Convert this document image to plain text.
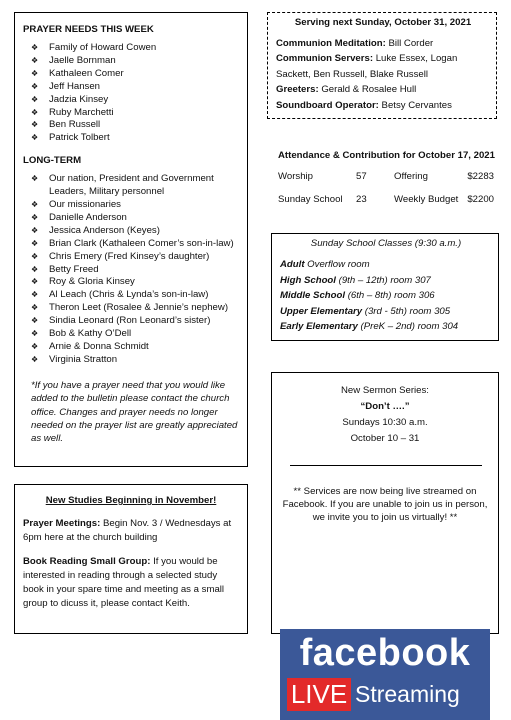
PRAYER NEEDS THIS WEEK
❖ Family of Howard Cowen
❖ Jaelle Bornman
❖ Kathaleen Comer
❖ Jeff Hansen
❖ Jadzia Kinsey
❖ Ruby Marchetti
❖ Ben Russell
❖ Patrick Tolbert
LONG-TERM
❖ Our nation, President and Government Leaders, Military personnel
❖ Our missionaries
❖ Danielle Anderson
❖ Jessica Anderson (Keyes)
❖ Brian Clark (Kathaleen Comer’s son-in-law)
❖ Chris Emery (Fred Kinsey’s daughter)
❖ Betty Freed
❖ Roy & Gloria Kinsey
❖ Al Leach (Chris & Lynda’s son-in-law)
❖ Theron Leet (Rosalee & Jennie’s nephew)
❖ Sindia Leonard (Ron Leonard’s sister)
❖ Bob & Kathy O’Dell
❖ Arnie & Donna Schmidt
❖ Virginia Stratton
*If you have a prayer need that you would like added to the bulletin please contact the church office. Changes and prayer needs no longer needed on the prayer list are greatly appreciated as well.
New Studies Beginning in November!
Prayer Meetings: Begin Nov. 3 / Wednesdays at 6pm here at the church building
Book Reading Small Group: If you would be interested in reading through a selected study book in your spare time and meeting as a small group to dicuss it, please contact Keith.
Serving next Sunday, October 31, 2021
Communion Meditation: Bill Corder
Communion Servers: Luke Essex, Logan Sackett, Ben Russell, Blake Russell
Greeters: Gerald & Rosalee Hull
Soundboard Operator: Betsy Cervantes
Attendance & Contribution for October 17, 2021
Worship	57	Offering	$2283
Sunday School	23	Weekly Budget	$2200
Sunday School Classes (9:30 a.m.)
Adult Overflow room
High School (9th – 12th) room 307
Middle School (6th – 8th) room 306
Upper Elementary (3rd - 5th) room 305
Early Elementary (PreK – 2nd) room 304
New Sermon Series:
“Don’t ….”
Sundays 10:30 a.m.
October 10 – 31
** Services are now being live streamed on Facebook. If you are unable to join us in person, we invite you to join us virtually! **
facebook
LIVE Streaming
